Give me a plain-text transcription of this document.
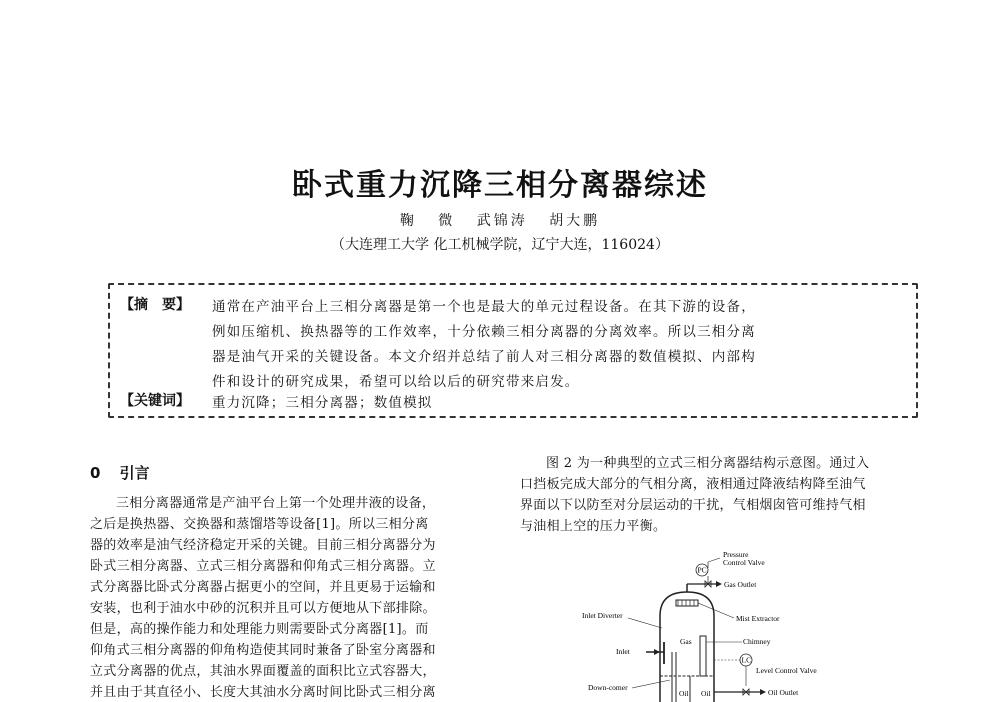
卧式重力沉降三相分离器综述
鞠 微 武锦涛 胡大鹏
（大连理工大学 化工机械学院，辽宁大连，116024）
【摘　要】 通常在产油平台上三相分离器是第一个也是最大的单元过程设备。在其下游的设备，
例如压缩机、换热器等的工作效率，十分依赖三相分离器的分离效率。所以三相分离
器是油气开采的关键设备。本文介绍并总结了前人对三相分离器的数值模拟、内部构
件和设计的研究成果，希望可以给以后的研究带来启发。
【关键词】 重力沉降；三相分离器；数值模拟
0 引言
三相分离器通常是产油平台上第一个处理井液的设备，
之后是换热器、交换器和蒸馏塔等设备[1]。所以三相分离
器的效率是油气经济稳定开采的关键。目前三相分离器分为
卧式三相分离器、立式三相分离器和仰角式三相分离器。立
式分离器比卧式分离器占据更小的空间，并且更易于运输和
安装，也利于油水中砂的沉积并且可以方便地从下部排除。
但是，高的操作能力和处理能力则需要卧式分离器[1]。而
仰角式三相分离器的仰角构造使其同时兼备了卧室分离器和
立式分离器的优点，其油水界面覆盖的面积比立式容器大，
并且由于其直径小、长度大其油水分离时间比卧式三相分离
图 2 为一种典型的立式三相分离器结构示意图。通过入
口挡板完成大部分的气相分离，液相通过降液结构降至油气
界面以下以防至对分层运动的干扰，气相烟囱管可维持气相
与油相上空的压力平衡。
PC
Pressure
Control Valve
Gas Outlet
Mist Extractor
Inlet Diverter
Gas	Chimney
Inlet
Down-comer
Oil Oil
LC
Level Control Valve
Oil Outlet
